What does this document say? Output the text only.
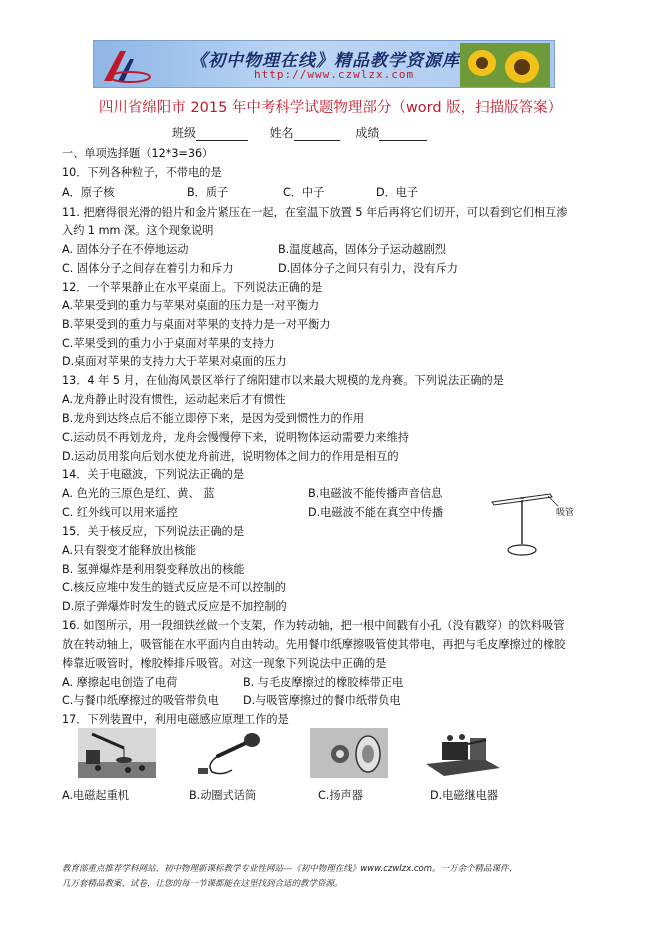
《初中物理在线》精品教学资源库
http://www.czwlzx.com
四川省绵阳市 2015 年中考科学试题物理部分（word 版，扫描版答案）
班级	姓名	成绩
一、单项选择题（12*3=36）
10．下列各种粒子，不带电的是
A．原子核	B．质子	C．中子	D．电子
11. 把磨得很光滑的铅片和金片紧压在一起，在室温下放置 5 年后再将它们切开，可以看到它们相互渗
入约 1 mm 深。这个现象说明
A. 固体分子在不停地运动	B.温度越高，固体分子运动越剧烈
C. 固体分子之间存在着引力和斥力	D.固体分子之间只有引力，没有斥力
12．一个苹果静止在水平桌面上。下列说法正确的是
A.苹果受到的重力与苹果对桌面的压力是一对平衡力
B.苹果受到的重力与桌面对苹果的支持力是一对平衡力
C.苹果受到的重力小于桌面对苹果的支持力
D.桌面对苹果的支持力大于苹果对桌面的压力
13．4 年 5 月，在仙海风景区举行了绵阳建市以来最大规模的龙舟赛。下列说法正确的是
A.龙舟静止时没有惯性，运动起来后才有惯性
B.龙舟到达终点后不能立即停下来，是因为受到惯性力的作用
C.运动员不再划龙舟，龙舟会慢慢停下来，说明物体运动需要力来维持
D.运动员用浆向后划水使龙舟前进，说明物体之间力的作用是相互的
14．关于电磁波，下列说法正确的是
A. 色光的三原色是红、黄、 蓝	B.电磁波不能传播声音信息
C. 红外线可以用来遥控	D.电磁波不能在真空中传播	吸管
15．关于核反应，下列说法正确的是
A.只有裂变才能释放出核能
B. 氢弹爆炸是利用裂变释放出的核能
C.核反应堆中发生的链式反应是不可以控制的
D.原子弹爆炸时发生的链式反应是不加控制的
16. 如图所示，用一段细铁丝做一个支架，作为转动轴，把一根中间戳有小孔（没有戳穿）的饮料吸管
放在转动轴上，吸管能在水平面内自由转动。先用餐巾纸摩擦吸管使其带电，再把与毛皮摩擦过的橡胶
棒靠近吸管时，橡胶棒排斥吸管。对这一现象下列说法中正确的是
A. 摩擦起电创造了电荷	B. 与毛皮摩擦过的橡胶棒带正电
C.与餐巾纸摩擦过的吸管带负电 D.与吸管摩擦过的餐巾纸带负电
17．下列装置中，利用电磁感应原理工作的是
A.电磁起重机	B.动圈式话筒	C.扬声器	D.电磁继电器
教育部重点推荐学科网站、初中物理新课标教学专业性网站---《初中物理在线》www.czwlzx.com。一万余个精品课件、
几万套精品教案、试卷，让您的每一节课都能在这里找到合适的教学资源。
